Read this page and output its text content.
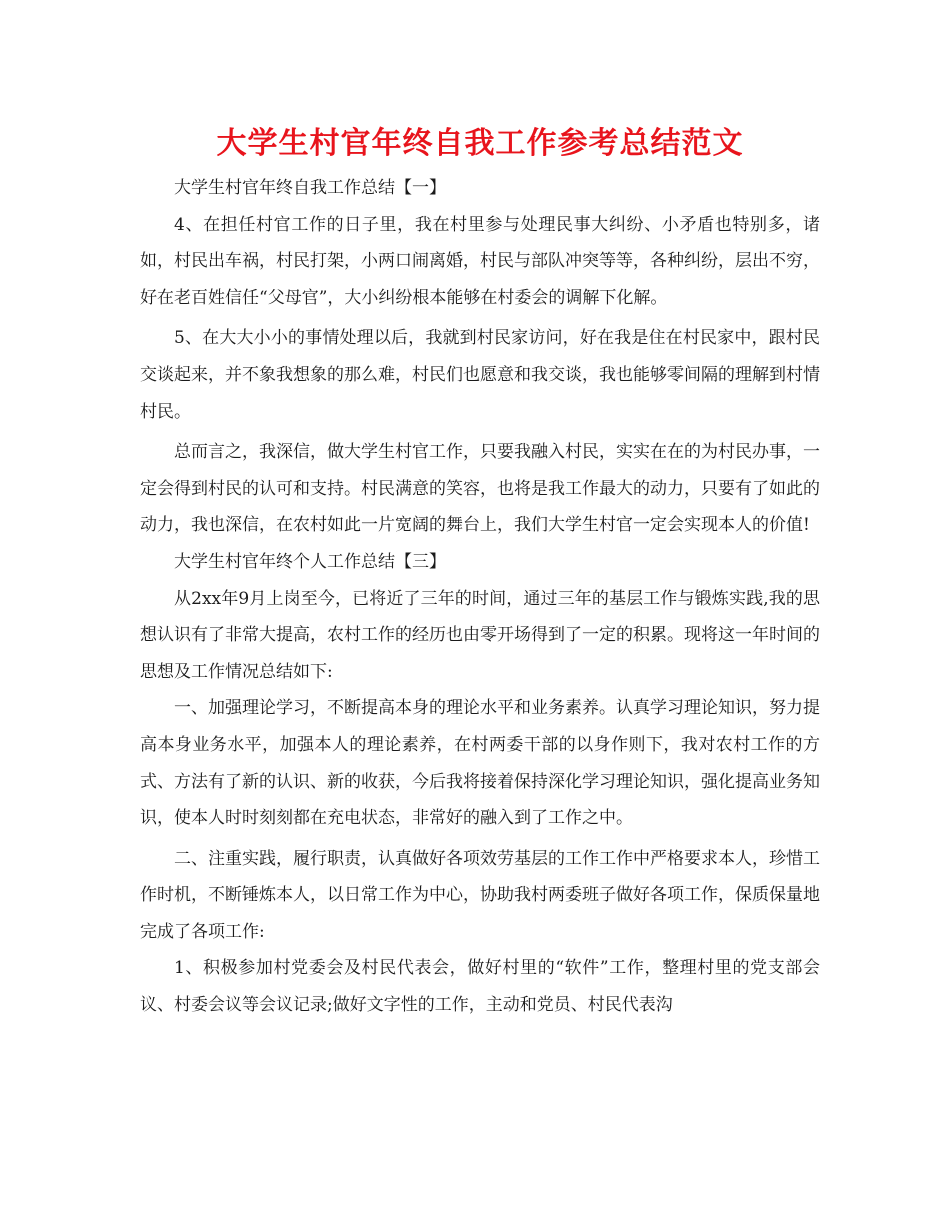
大学生村官年终自我工作参考总结范文

大学生村官年终自我工作总结【一】

4、在担任村官工作的日子里，我在村里参与处理民事大纠纷、小矛盾也特别多，诸如，村民出车祸，村民打架，小两口闹离婚，村民与部队冲突等等，各种纠纷，层出不穷，好在老百姓信任“父母官”，大小纠纷根本能够在村委会的调解下化解。

5、在大大小小的事情处理以后，我就到村民家访问，好在我是住在村民家中，跟村民交谈起来，并不象我想象的那么难，村民们也愿意和我交谈，我也能够零间隔的理解到村情村民。

总而言之，我深信，做大学生村官工作，只要我融入村民，实实在在的为村民办事，一定会得到村民的认可和支持。村民满意的笑容，也将是我工作最大的动力，只要有了如此的动力，我也深信，在农村如此一片宽阔的舞台上，我们大学生村官一定会实现本人的价值!

大学生村官年终个人工作总结【三】

从2xx年9月上岗至今，已将近了三年的时间，通过三年的基层工作与锻炼实践,我的思想认识有了非常大提高，农村工作的经历也由零开场得到了一定的积累。现将这一年时间的思想及工作情况总结如下:

一、加强理论学习，不断提高本身的理论水平和业务素养。认真学习理论知识，努力提高本身业务水平，加强本人的理论素养，在村两委干部的以身作则下，我对农村工作的方式、方法有了新的认识、新的收获，今后我将接着保持深化学习理论知识，强化提高业务知识，使本人时时刻刻都在充电状态，非常好的融入到了工作之中。

二、注重实践，履行职责，认真做好各项效劳基层的工作工作中严格要求本人，珍惜工作时机，不断锤炼本人，以日常工作为中心，协助我村两委班子做好各项工作，保质保量地完成了各项工作:

1、积极参加村党委会及村民代表会，做好村里的“软件”工作，整理村里的党支部会议、村委会议等会议记录;做好文字性的工作，主动和党员、村民代表沟
